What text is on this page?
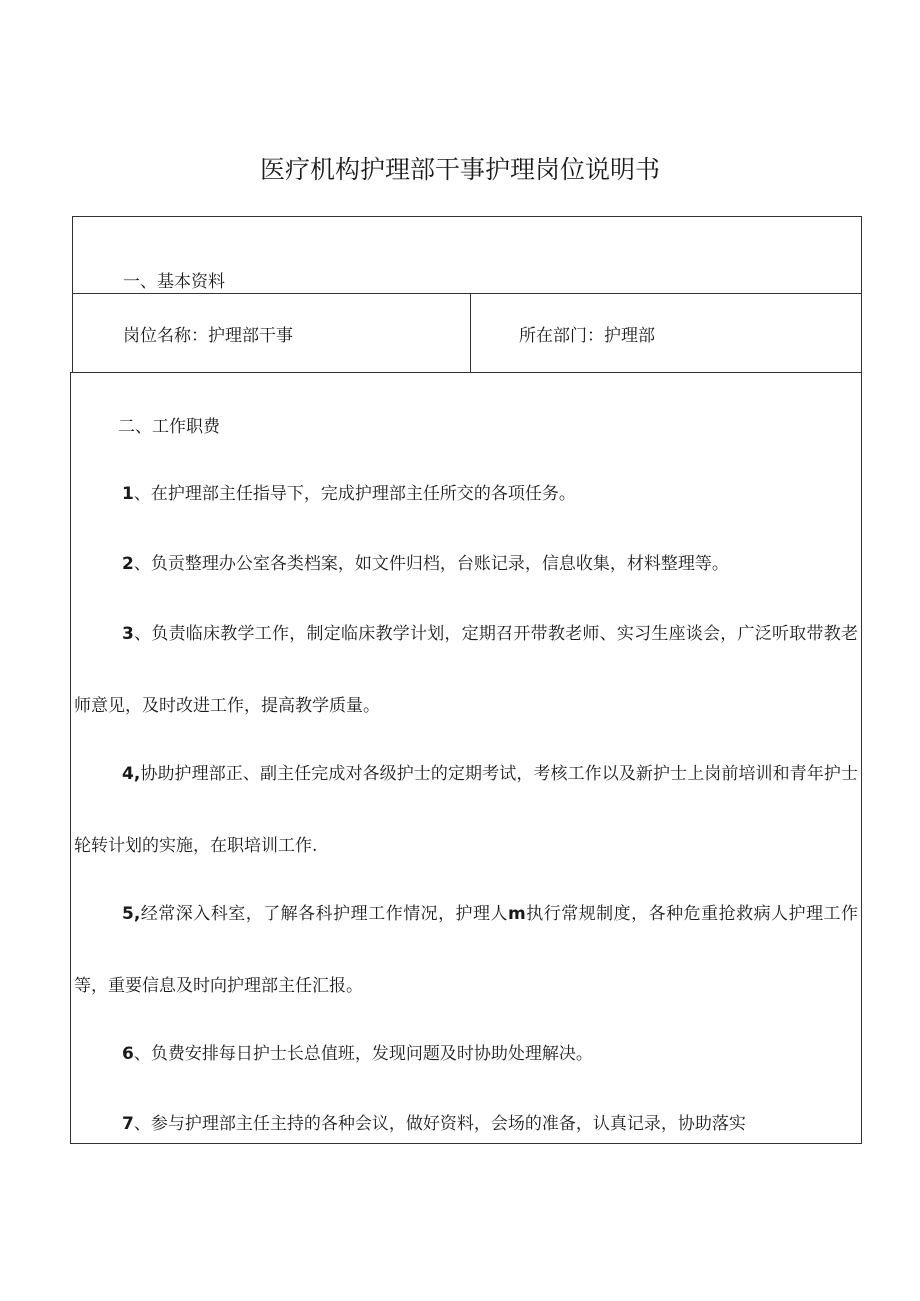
医疗机构护理部干事护理岗位说明书
一、基本资料
岗位名称：护理部干事	所在部门：护理部
二、工作职费

1、在护理部主任指导下，完成护理部主任所交的各项任务。

2、负贡整理办公室各类档案，如文件归档，台账记录，信息收集，材料整理等。

3、负责临床教学工作，制定临床教学计划，定期召开带教老师、实习生座谈会，广泛听取带教老师意见，及时改进工作，提高教学质量。

4,协助护理部正、副主任完成对各级护士的定期考试，考核工作以及新护士上岗前培训和青年护士轮转计划的实施，在职培训工作.

5,经常深入科室，了解各科护理工作情况，护理人m执行常规制度，各种危重抢救病人护理工作等，重要信息及时向护理部主任汇报。

6、负费安排每日护士长总值班，发现问题及时协助处理解决。

7、参与护理部主任主持的各种会议，做好资料，会场的准备，认真记录，协助落实
